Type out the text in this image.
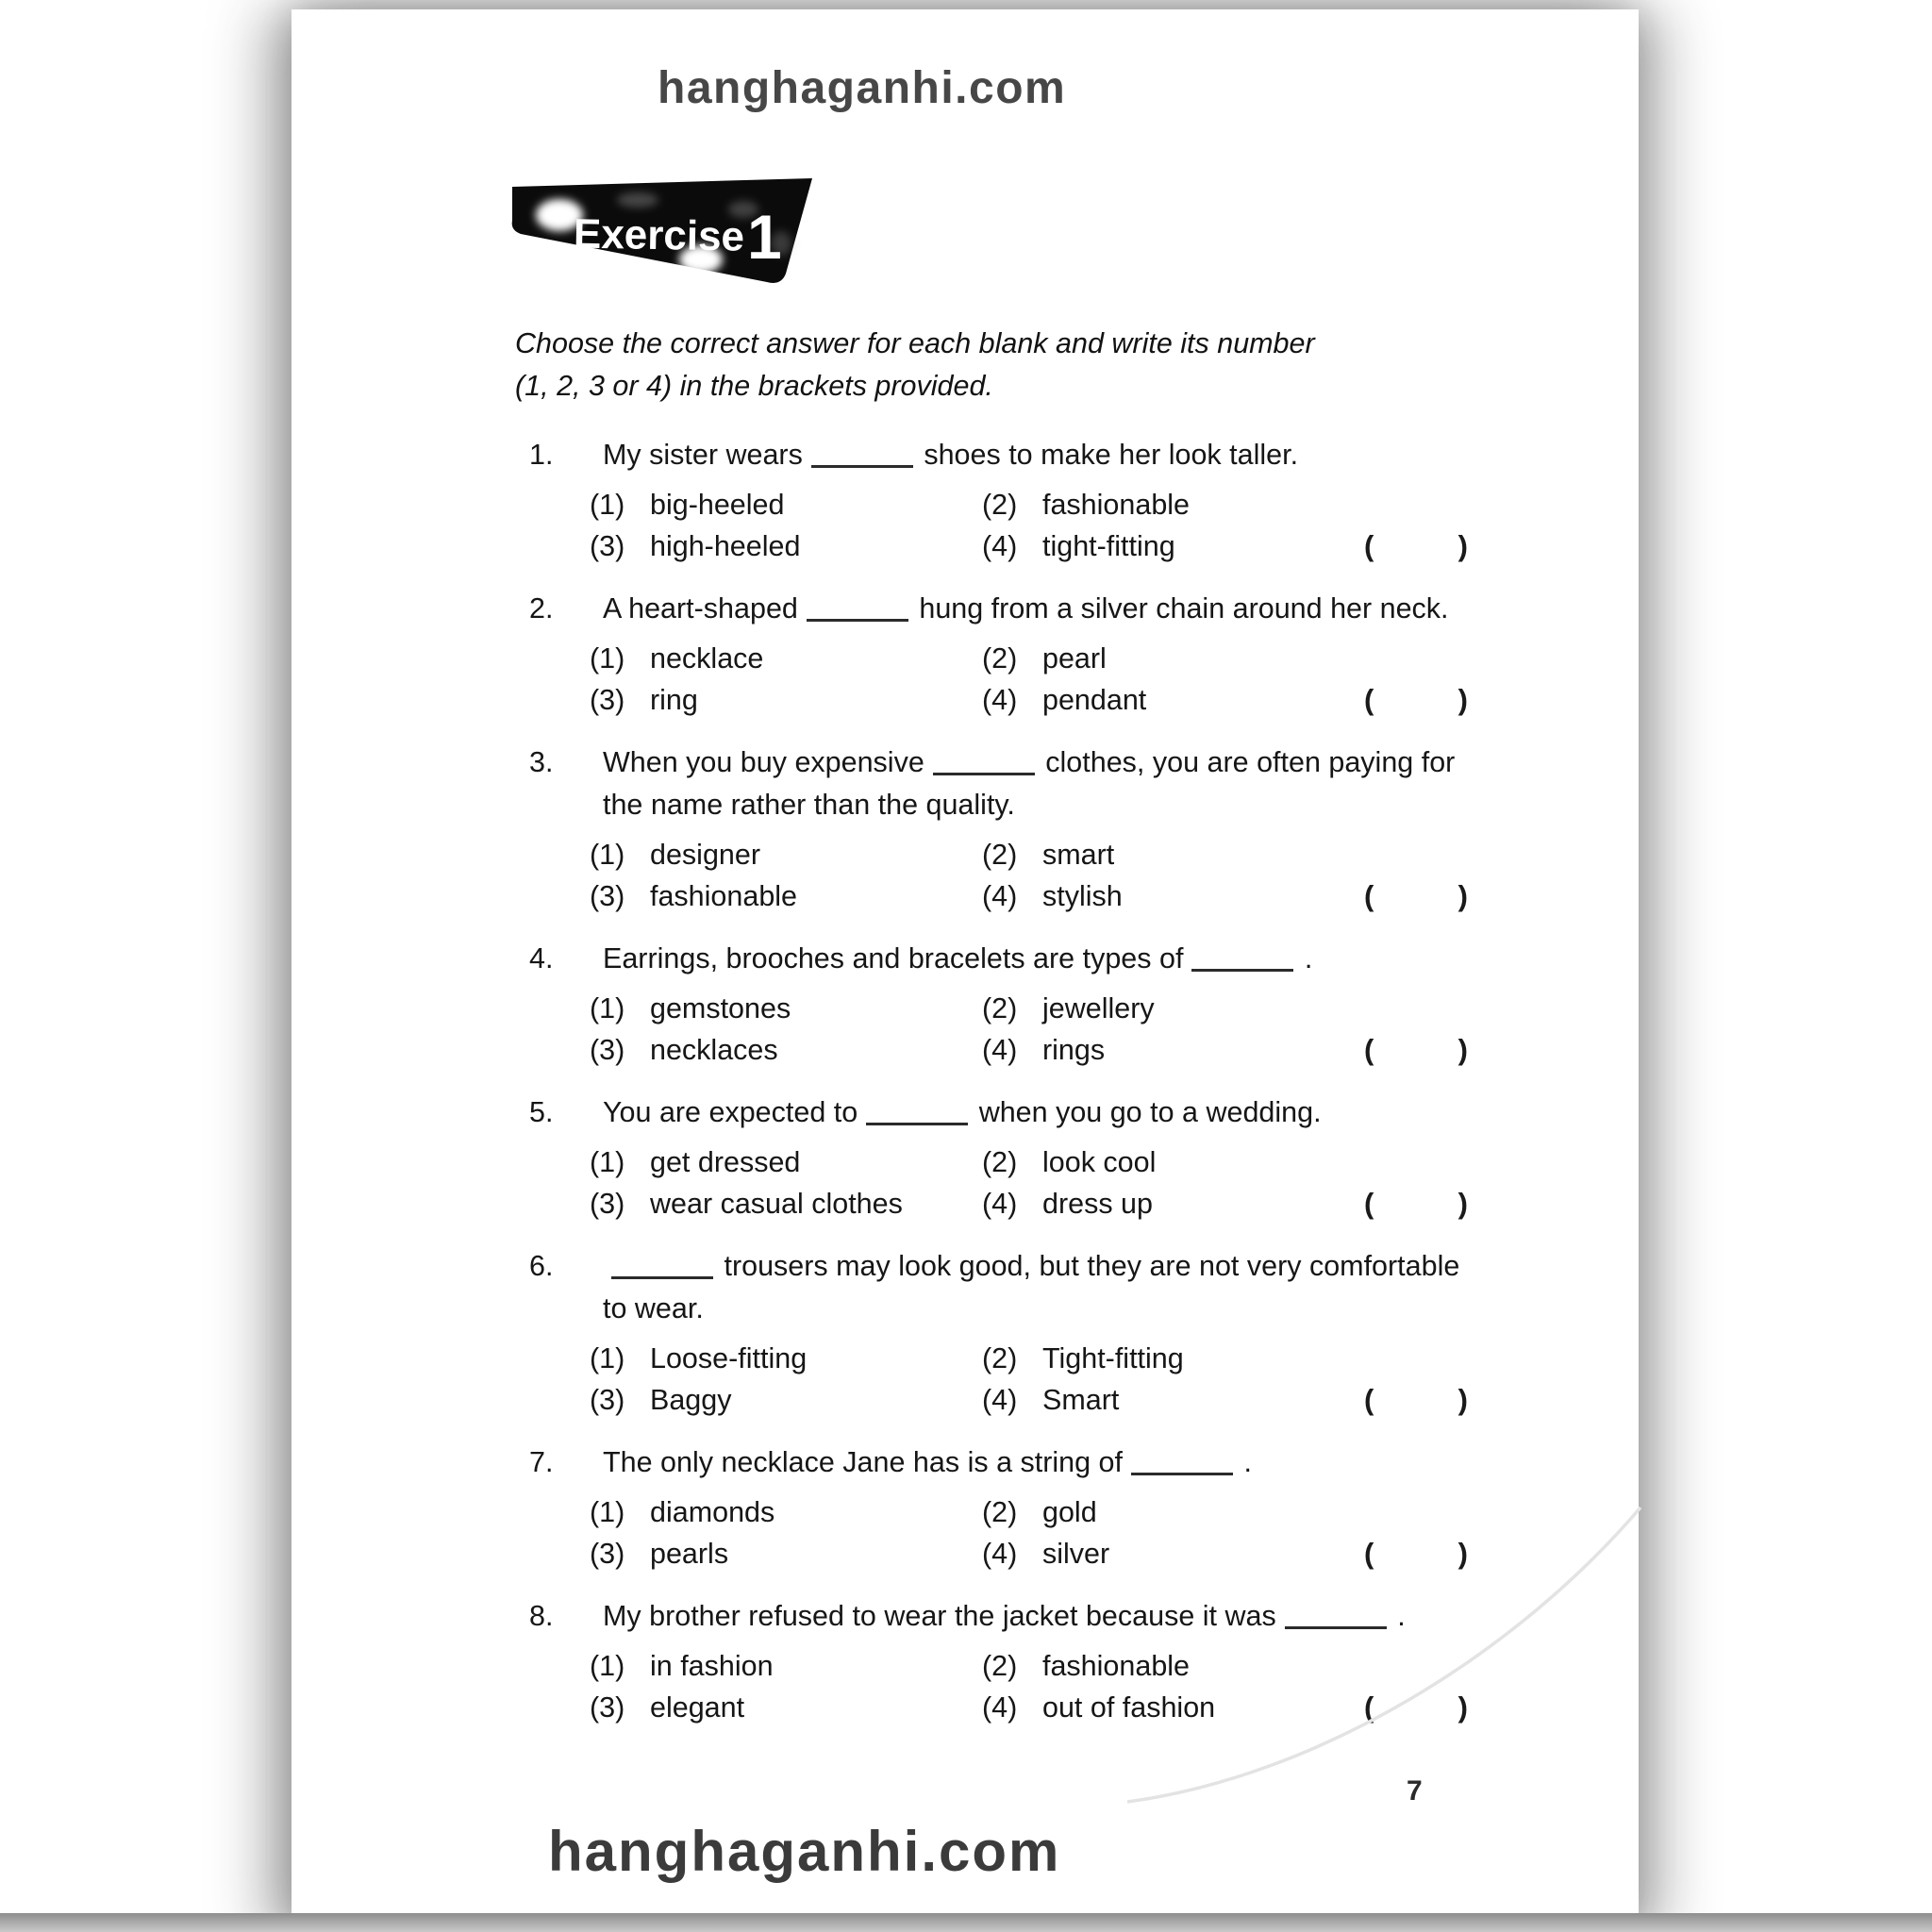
hanghaganhi.com
Exercise 1
Choose the correct answer for each blank and write its number
(1, 2, 3 or 4) in the brackets provided.
1.	My sister wears	shoes to make her look taller.
(1) big-heeled	(2) fashionable
(3) high-heeled	(4) tight-fitting	(	)
2.	A heart-shaped	hung from a silver chain around her neck.
(1) necklace	(2) pearl
(3) ring	(4) pendant	(	)
3.	When you buy expensive	clothes, you are often paying for the name rather than the quality.
(1) designer	(2) smart
(3) fashionable	(4) stylish	(	)
4.	Earrings, brooches and bracelets are types of	.
(1) gemstones	(2) jewellery
(3) necklaces	(4) rings	(	)
5.	You are expected to	when you go to a wedding.
(1) get dressed	(2) look cool
(3) wear casual clothes	(4) dress up	(	)
6.	trousers may look good, but they are not very comfortable to wear.
(1) Loose-fitting	(2) Tight-fitting
(3) Baggy	(4) Smart	(	)
7.	The only necklace Jane has is a string of	.
(1) diamonds	(2) gold
(3) pearls	(4) silver	(	)
8.	My brother refused to wear the jacket because it was	.
(1) in fashion	(2) fashionable
(3) elegant	(4) out of fashion	(	)
7
hanghaganhi.com
